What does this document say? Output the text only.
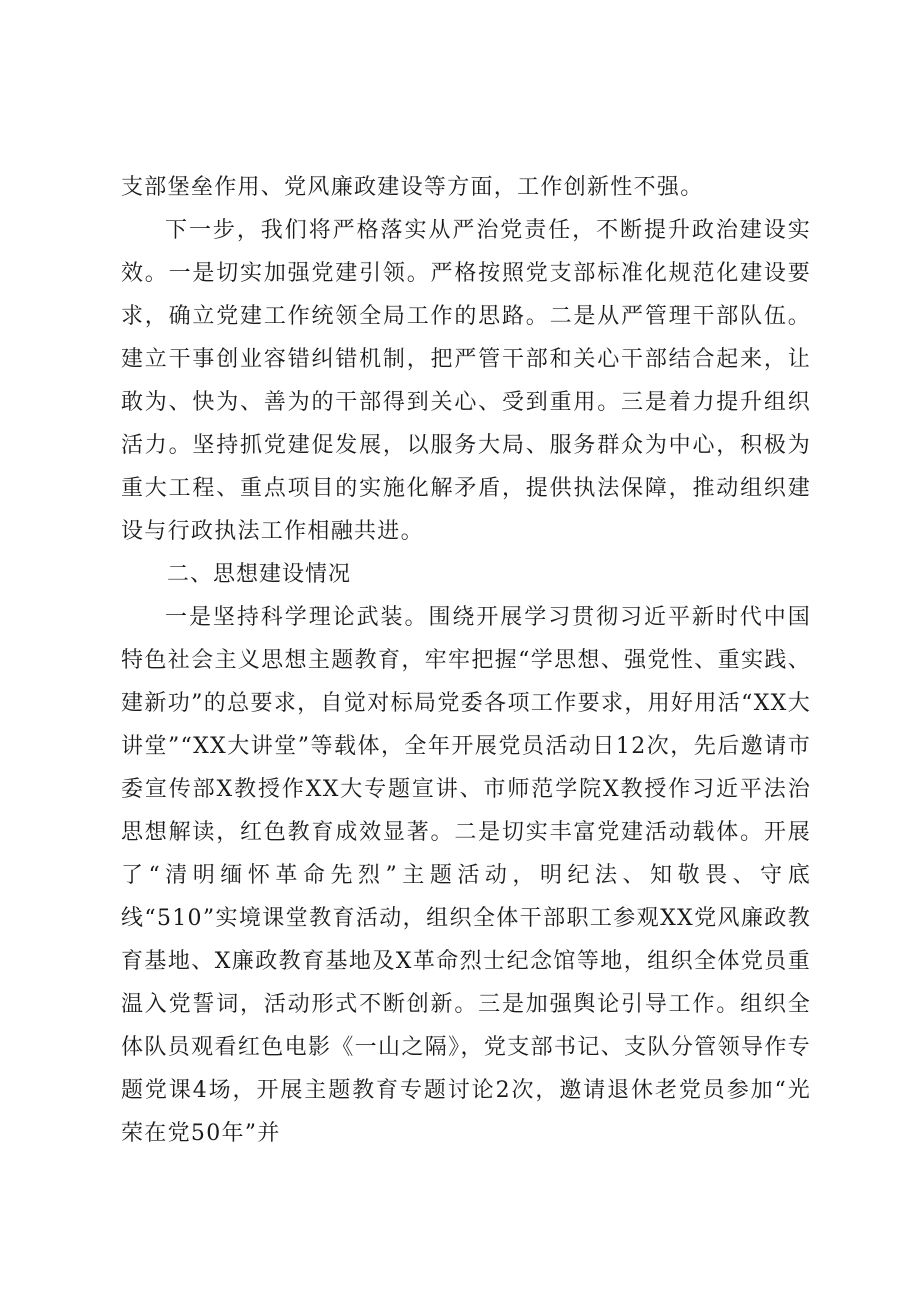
支部堡垒作用、党风廉政建设等方面，工作创新性不强。

下一步，我们将严格落实从严治党责任，不断提升政治建设实效。一是切实加强党建引领。严格按照党支部标准化规范化建设要求，确立党建工作统领全局工作的思路。二是从严管理干部队伍。建立干事创业容错纠错机制，把严管干部和关心干部结合起来，让敢为、快为、善为的干部得到关心、受到重用。三是着力提升组织活力。坚持抓党建促发展，以服务大局、服务群众为中心，积极为重大工程、重点项目的实施化解矛盾，提供执法保障，推动组织建设与行政执法工作相融共进。

二、思想建设情况

一是坚持科学理论武装。围绕开展学习贯彻习近平新时代中国特色社会主义思想主题教育，牢牢把握“学思想、强党性、重实践、建新功”的总要求，自觉对标局党委各项工作要求，用好用活“XX大讲堂”“XX大讲堂”等载体，全年开展党员活动日12次，先后邀请市委宣传部X教授作XX大专题宣讲、市师范学院X教授作习近平法治思想解读，红色教育成效显著。二是切实丰富党建活动载体。开展了“清明缅怀革命先烈”主题活动，明纪法、知敬畏、守底线“510”实境课堂教育活动，组织全体干部职工参观XX党风廉政教育基地、X廉政教育基地及X革命烈士纪念馆等地，组织全体党员重温入党誓词，活动形式不断创新。三是加强舆论引导工作。组织全体队员观看红色电影《一山之隔》，党支部书记、支队分管领导作专题党课4场，开展主题教育专题讨论2次，邀请退休老党员参加“光荣在党50年”并
